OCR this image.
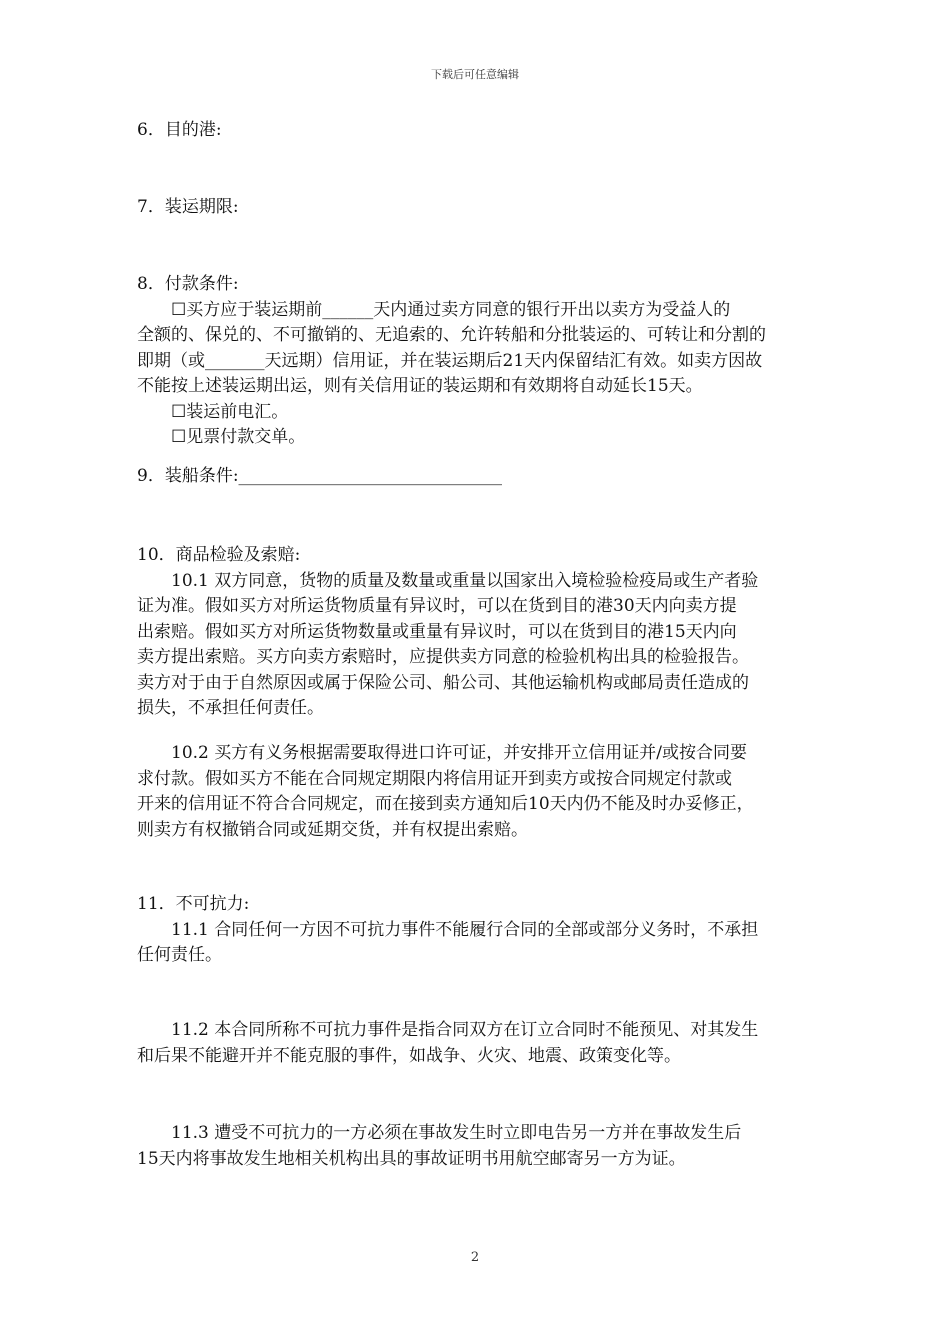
下载后可任意编辑

6．目的港:

7．装运期限:

8．付款条件:

☐买方应于装运期前______天内通过卖方同意的银行开出以卖方为受益人的

全额的、保兑的、不可撤销的、无追索的、允许转船和分批装运的、可转让和分割的

即期（或_______天远期）信用证，并在装运期后21天内保留结汇有效。如卖方因故

不能按上述装运期出运，则有关信用证的装运期和有效期将自动延长15天。

☐装运前电汇。

☐见票付款交单。

9．装船条件:_______________________________

10．商品检验及索赔:

10.1 双方同意，货物的质量及数量或重量以国家出入境检验检疫局或生产者验

证为准。假如买方对所运货物质量有异议时，可以在货到目的港30天内向卖方提

出索赔。假如买方对所运货物数量或重量有异议时，可以在货到目的港15天内向

卖方提出索赔。买方向卖方索赔时，应提供卖方同意的检验机构出具的检验报告。

卖方对于由于自然原因或属于保险公司、船公司、其他运输机构或邮局责任造成的

损失，不承担任何责任。

10.2 买方有义务根据需要取得进口许可证，并安排开立信用证并/或按合同要

求付款。假如买方不能在合同规定期限内将信用证开到卖方或按合同规定付款或

开来的信用证不符合合同规定，而在接到卖方通知后10天内仍不能及时办妥修正，

则卖方有权撤销合同或延期交货，并有权提出索赔。

11．不可抗力:

11.1 合同任何一方因不可抗力事件不能履行合同的全部或部分义务时，不承担

任何责任。

11.2 本合同所称不可抗力事件是指合同双方在订立合同时不能预见、对其发生

和后果不能避开并不能克服的事件，如战争、火灾、地震、政策变化等。

11.3 遭受不可抗力的一方必须在事故发生时立即电告另一方并在事故发生后

15天内将事故发生地相关机构出具的事故证明书用航空邮寄另一方为证。

2
